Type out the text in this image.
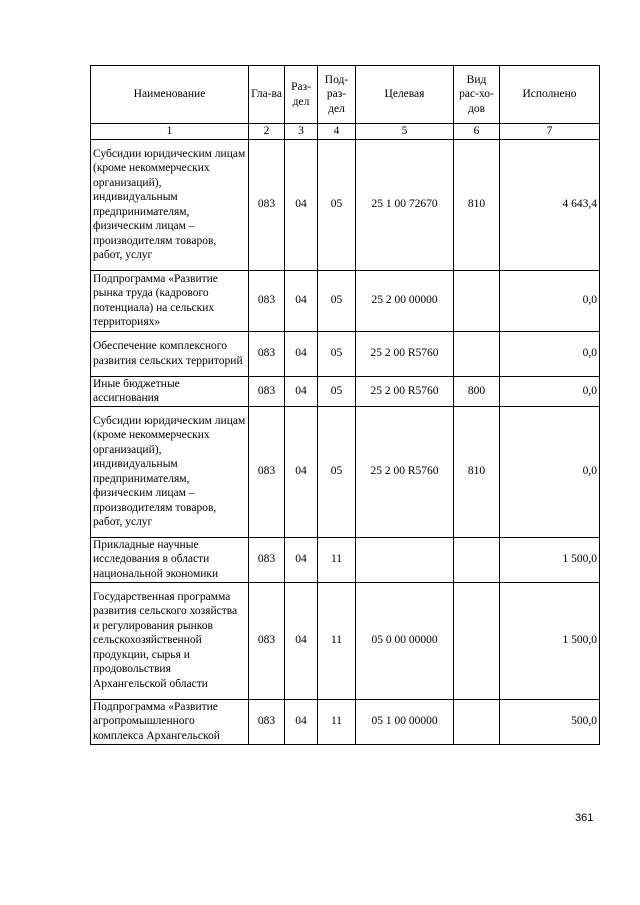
Наименование	Гла-ва	Раз-дел	Под-раз-дел	Целевая	Вид рас-хо-дов	Исполнено
1	2	3	4	5	6	7
Субсидии юридическим лицам (кроме некоммерческих организаций), индивидуальным предпринимателям, физическим лицам – производителям товаров, работ, услуг	083	04	05	25 1 00 72670	810	4 643,4
Подпрограмма «Развитие рынка труда (кадрового потенциала) на сельских территориях»	083	04	05	25 2 00 00000		0,0
Обеспечение комплексного развития сельских территорий	083	04	05	25 2 00 R5760		0,0
Иные бюджетные ассигнования	083	04	05	25 2 00 R5760	800	0,0
Субсидии юридическим лицам (кроме некоммерческих организаций), индивидуальным предпринимателям, физическим лицам – производителям товаров, работ, услуг	083	04	05	25 2 00 R5760	810	0,0
Прикладные научные исследования в области национальной экономики	083	04	11			1 500,0
Государственная программа развития сельского хозяйства и регулирования рынков сельскохозяйственной продукции, сырья и продовольствия Архангельской области	083	04	11	05 0 00 00000		1 500,0
Подпрограмма «Развитие агропромышленного комплекса Архангельской	083	04	11	05 1 00 00000		500,0
361
